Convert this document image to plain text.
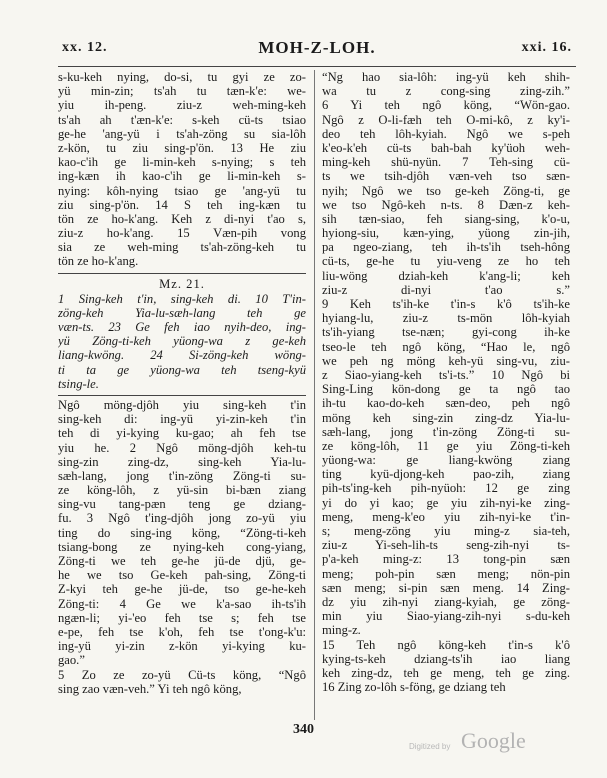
xx. 12.	MOH-Z-LOH.	xxi. 16.
s-ku-keh nying, do-si, tu gyi ze zo-
yü min-zin; ts'ah tu tæn-k'e: we-
yiu ih-peng. ziu-z weh-ming-keh
ts'ah ah t'æn-k'e: s-keh cü-ts tsiao
ge-he 'ang-yü i ts'ah-zöng su sia-lôh
z-kön, tu ziu sing-p'ön. 13 He ziu
kao-c'ih ge li-min-keh s-nying; s teh
ing-kæn ih kao-c'ih ge li-min-keh s-
nying: kôh-nying tsiao ge 'ang-yü tu
ziu sing-p'ön. 14 S teh ing-kæn tu
tön ze ho-k'ang. Keh z di-nyi t'ao s,
ziu-z ho-k'ang. 15 Væn-pih vong
sia ze weh-ming ts'ah-zöng-keh tu
tön ze ho-k'ang.
Mz. 21.
1 Sing-keh t'in, sing-keh di. 10 T'in-
zöng-keh Yia-lu-sæh-lang teh ge
væn-ts. 23 Ge feh iao nyih-deo, ing-
yü Zöng-ti-keh yüong-wa z ge-keh
liang-kwöng. 24 Si-zöng-keh wöng-
ti ta ge yüong-wa teh tseng-kyü
tsing-le.
Ngô möng-djôh yiu sing-keh t'in
sing-keh di: ing-yü yi-zin-keh t'in
teh di yi-kying ku-gao; ah feh tse
yiu he. 2 Ngô möng-djôh keh-tu
sing-zin zing-dz, sing-keh Yia-lu-
sæh-lang, jong t'in-zöng Zöng-ti su-
ze köng-lôh, z yü-sin bi-bæn ziang
sing-vu tang-pæn teng ge dziang-
fu. 3 Ngô t'ing-djôh jong zo-yü yiu
ting do sing-ing köng, “Zöng-ti-keh
tsiang-bong ze nying-keh cong-yiang,
Zöng-ti we teh ge-he jü-de djü, ge-
he we tso Ge-keh pah-sing, Zöng-ti
Z-kyi teh ge-he jü-de, tso ge-he-keh
Zöng-ti: 4 Ge we k'a-sao ih-ts'ih
ngæn-li; yi-'eo feh tse s; feh tse
e-pe, feh tse k'oh, feh tse t'ong-k'u:
ing-yü yi-zin z-kön yi-kying ku-
gao.”
5 Zo ze zo-yü Cü-ts köng, “Ngô
sing zao væn-veh.” Yi teh ngô köng,
“Ng hao sia-lôh: ing-yü keh shih-
wa tu z cong-sing zing-zih.”
6 Yi teh ngô köng, “Wön-gao.
Ngô z O-li-fæh teh O-mi-kô, z ky'i-
deo teh lôh-kyiah. Ngô we s-peh
k'eo-k'eh cü-ts bah-bah ky'üoh weh-
ming-keh shü-nyün. 7 Teh-sing cü-
ts we tsih-djôh væn-veh tso sæn-
nyih; Ngô we tso ge-keh Zöng-ti, ge
we tso Ngô-keh n-ts. 8 Dæn-z keh-
sih tæn-siao, feh siang-sing, k'o-u,
hyiong-siu, kæn-ying, yüong zin-jih,
pa ngeo-ziang, teh ih-ts'ih tseh-hông
cü-ts, ge-he tu yiu-veng ze ho teh
liu-wöng dziah-keh k'ang-li; keh
ziu-z di-nyi t'ao s.”
9 Keh ts'ih-ke t'in-s k'ô ts'ih-ke
hyiang-lu, ziu-z ts-mön lôh-kyiah
ts'ih-yiang tse-næn; gyi-cong ih-ke
tseo-le teh ngô köng, “Hao le, ngô
we peh ng möng keh-yü sing-vu, ziu-
z Siao-yiang-keh ts'i-ts.” 10 Ngô bi
Sing-Ling kön-dong ge ta ngô tao
ih-tu kao-do-keh sæn-deo, peh ngô
möng keh sing-zin zing-dz Yia-lu-
sæh-lang, jong t'in-zöng Zöng-ti su-
ze köng-lôh, 11 ge yiu Zöng-ti-keh
yüong-wa: ge liang-kwöng ziang
ting kyü-djong-keh pao-zih, ziang
pih-ts'ing-keh pih-nyüoh: 12 ge zing
yi do yi kao; ge yiu zih-nyi-ke zing-
meng, meng-k'eo yiu zih-nyi-ke t'in-
s; meng-zöng yiu ming-z sia-teh,
ziu-z Yi-seh-lih-ts seng-zih-nyi ts-
p'a-keh ming-z: 13 tong-pin sæn
meng; poh-pin sæn meng; nön-pin
sæn meng; si-pin sæn meng. 14 Zing-
dz yiu zih-nyi ziang-kyiah, ge zöng-
min yiu Siao-yiang-zih-nyi s-du-keh
ming-z.
15 Teh ngô köng-keh t'in-s k'ô
kying-ts-keh dziang-ts'ih iao liang
keh zing-dz, teh ge meng, teh ge zing.
16 Zing zo-lôh s-föng, ge dziang teh
340
Digitized by Google
